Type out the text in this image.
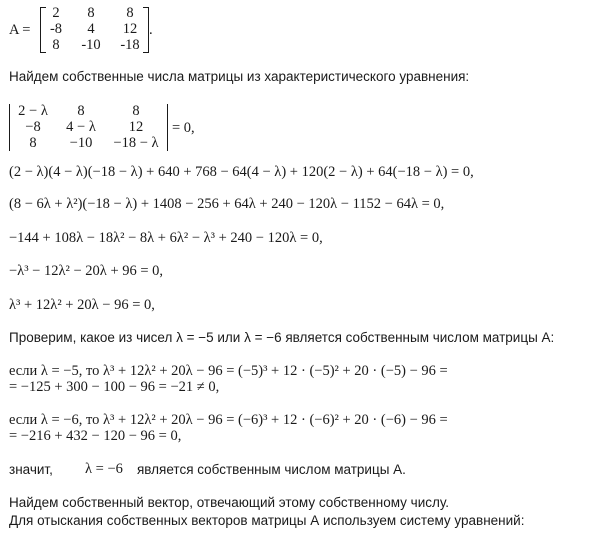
A =
2	8	8
-8	4	12
8	-10	-18
.
Найдем собственные числа матрицы из характеристического уравнения:
2 − λ	8	8
−8	4 − λ	12
8	−10	−18 − λ
= 0,
(2 − λ)(4 − λ)(−18 − λ) + 640 + 768 − 64(4 − λ) + 120(2 − λ) + 64(−18 − λ) = 0,
(8 − 6λ + λ²)(−18 − λ) + 1408 − 256 + 64λ + 240 − 120λ − 1152 − 64λ = 0,
−144 + 108λ − 18λ² − 8λ + 6λ² − λ³ + 240 − 120λ = 0,
−λ³ − 12λ² − 20λ + 96 = 0,
λ³ + 12λ² + 20λ − 96 = 0,
Проверим, какое из чисел λ = −5 или λ = −6 является собственным числом матрицы А:
если λ = −5, то λ³ + 12λ² + 20λ − 96 = (−5)³ + 12 · (−5)² + 20 · (−5) − 96 =
= −125 + 300 − 100 − 96 = −21 ≠ 0,
если λ = −6, то λ³ + 12λ² + 20λ − 96 = (−6)³ + 12 · (−6)² + 20 · (−6) − 96 =
= −216 + 432 − 120 − 96 = 0,
значит, λ = −6 является собственным числом матрицы А.
Найдем собственный вектор, отвечающий этому собственному числу.
Для отыскания собственных векторов матрицы А используем систему уравнений:
